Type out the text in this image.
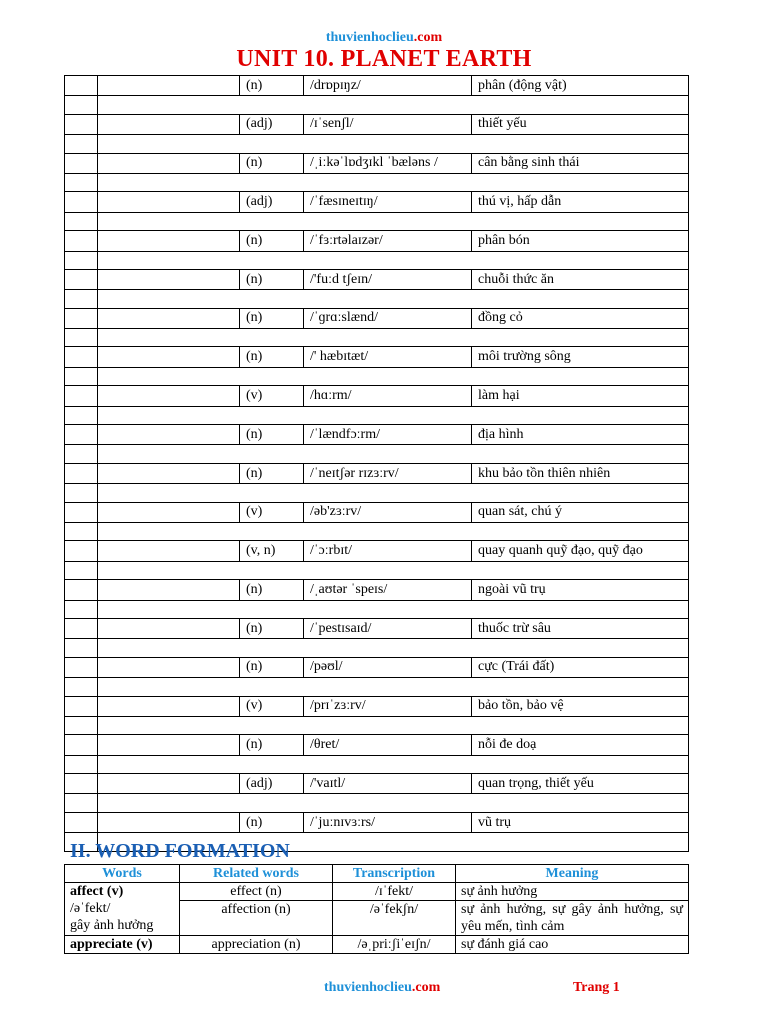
thuvienhoclieu.com
UNIT 10. PLANET EARTH
		(n)	/drɒpɪŋz/	phân (động vật)

		(adj)	/ɪˈsenʃl/	thiết yếu

		(n)	/ˌiːkəˈlɒdʒɪkl ˈbæləns /	cân bằng sinh thái

		(adj)	/ˈfæsɪneɪtɪŋ/	thú vị, hấp dẫn

		(n)	/ˈfɜːrtəlaɪzər/	phân bón

		(n)	/'fuːd tʃeɪn/	chuỗi thức ăn

		(n)	/ˈɡrɑːslænd/	đồng cỏ

		(n)	/' hæbɪtæt/	môi trường sông

		(v)	/hɑːrm/	làm hại

		(n)	/ˈlændfɔːrm/	địa hình

		(n)	/ˈneɪtʃər rɪzɜːrv/	khu bảo tồn thiên nhiên

		(v)	/əb'zɜːrv/	quan sát, chú ý

		(v, n)	/ˈɔːrbɪt/	quay quanh quỹ đạo, quỹ đạo

		(n)	/ˌaʊtər ˈspeɪs/	ngoài vũ trụ

		(n)	/ˈpestɪsaɪd/	thuốc trừ sâu

		(n)	/pəʊl/	cực (Trái đất)

		(v)	/prɪˈzɜːrv/	bảo tồn, bảo vệ

		(n)	/θret/	nỗi đe doạ

		(adj)	/'vaɪtl/	quan trọng, thiết yếu

		(n)	/ˈjuːnɪvɜːrs/	vũ trụ

II. WORD FORMATION
Words	Related words	Transcription	Meaning

affect (v)
/əˈfekt/
gây ảnh hưởng	effect (n)	/ɪˈfekt/	sự ảnh hưởng
	affection (n)	/əˈfekʃn/	sự ảnh hưởng, sự gây ảnh hưởng, sự yêu mến, tình cảm
appreciate (v)	appreciation (n)	/əˌpriːʃiˈeɪʃn/	sự đánh giá cao
thuvienhoclieu.com	Trang 1
